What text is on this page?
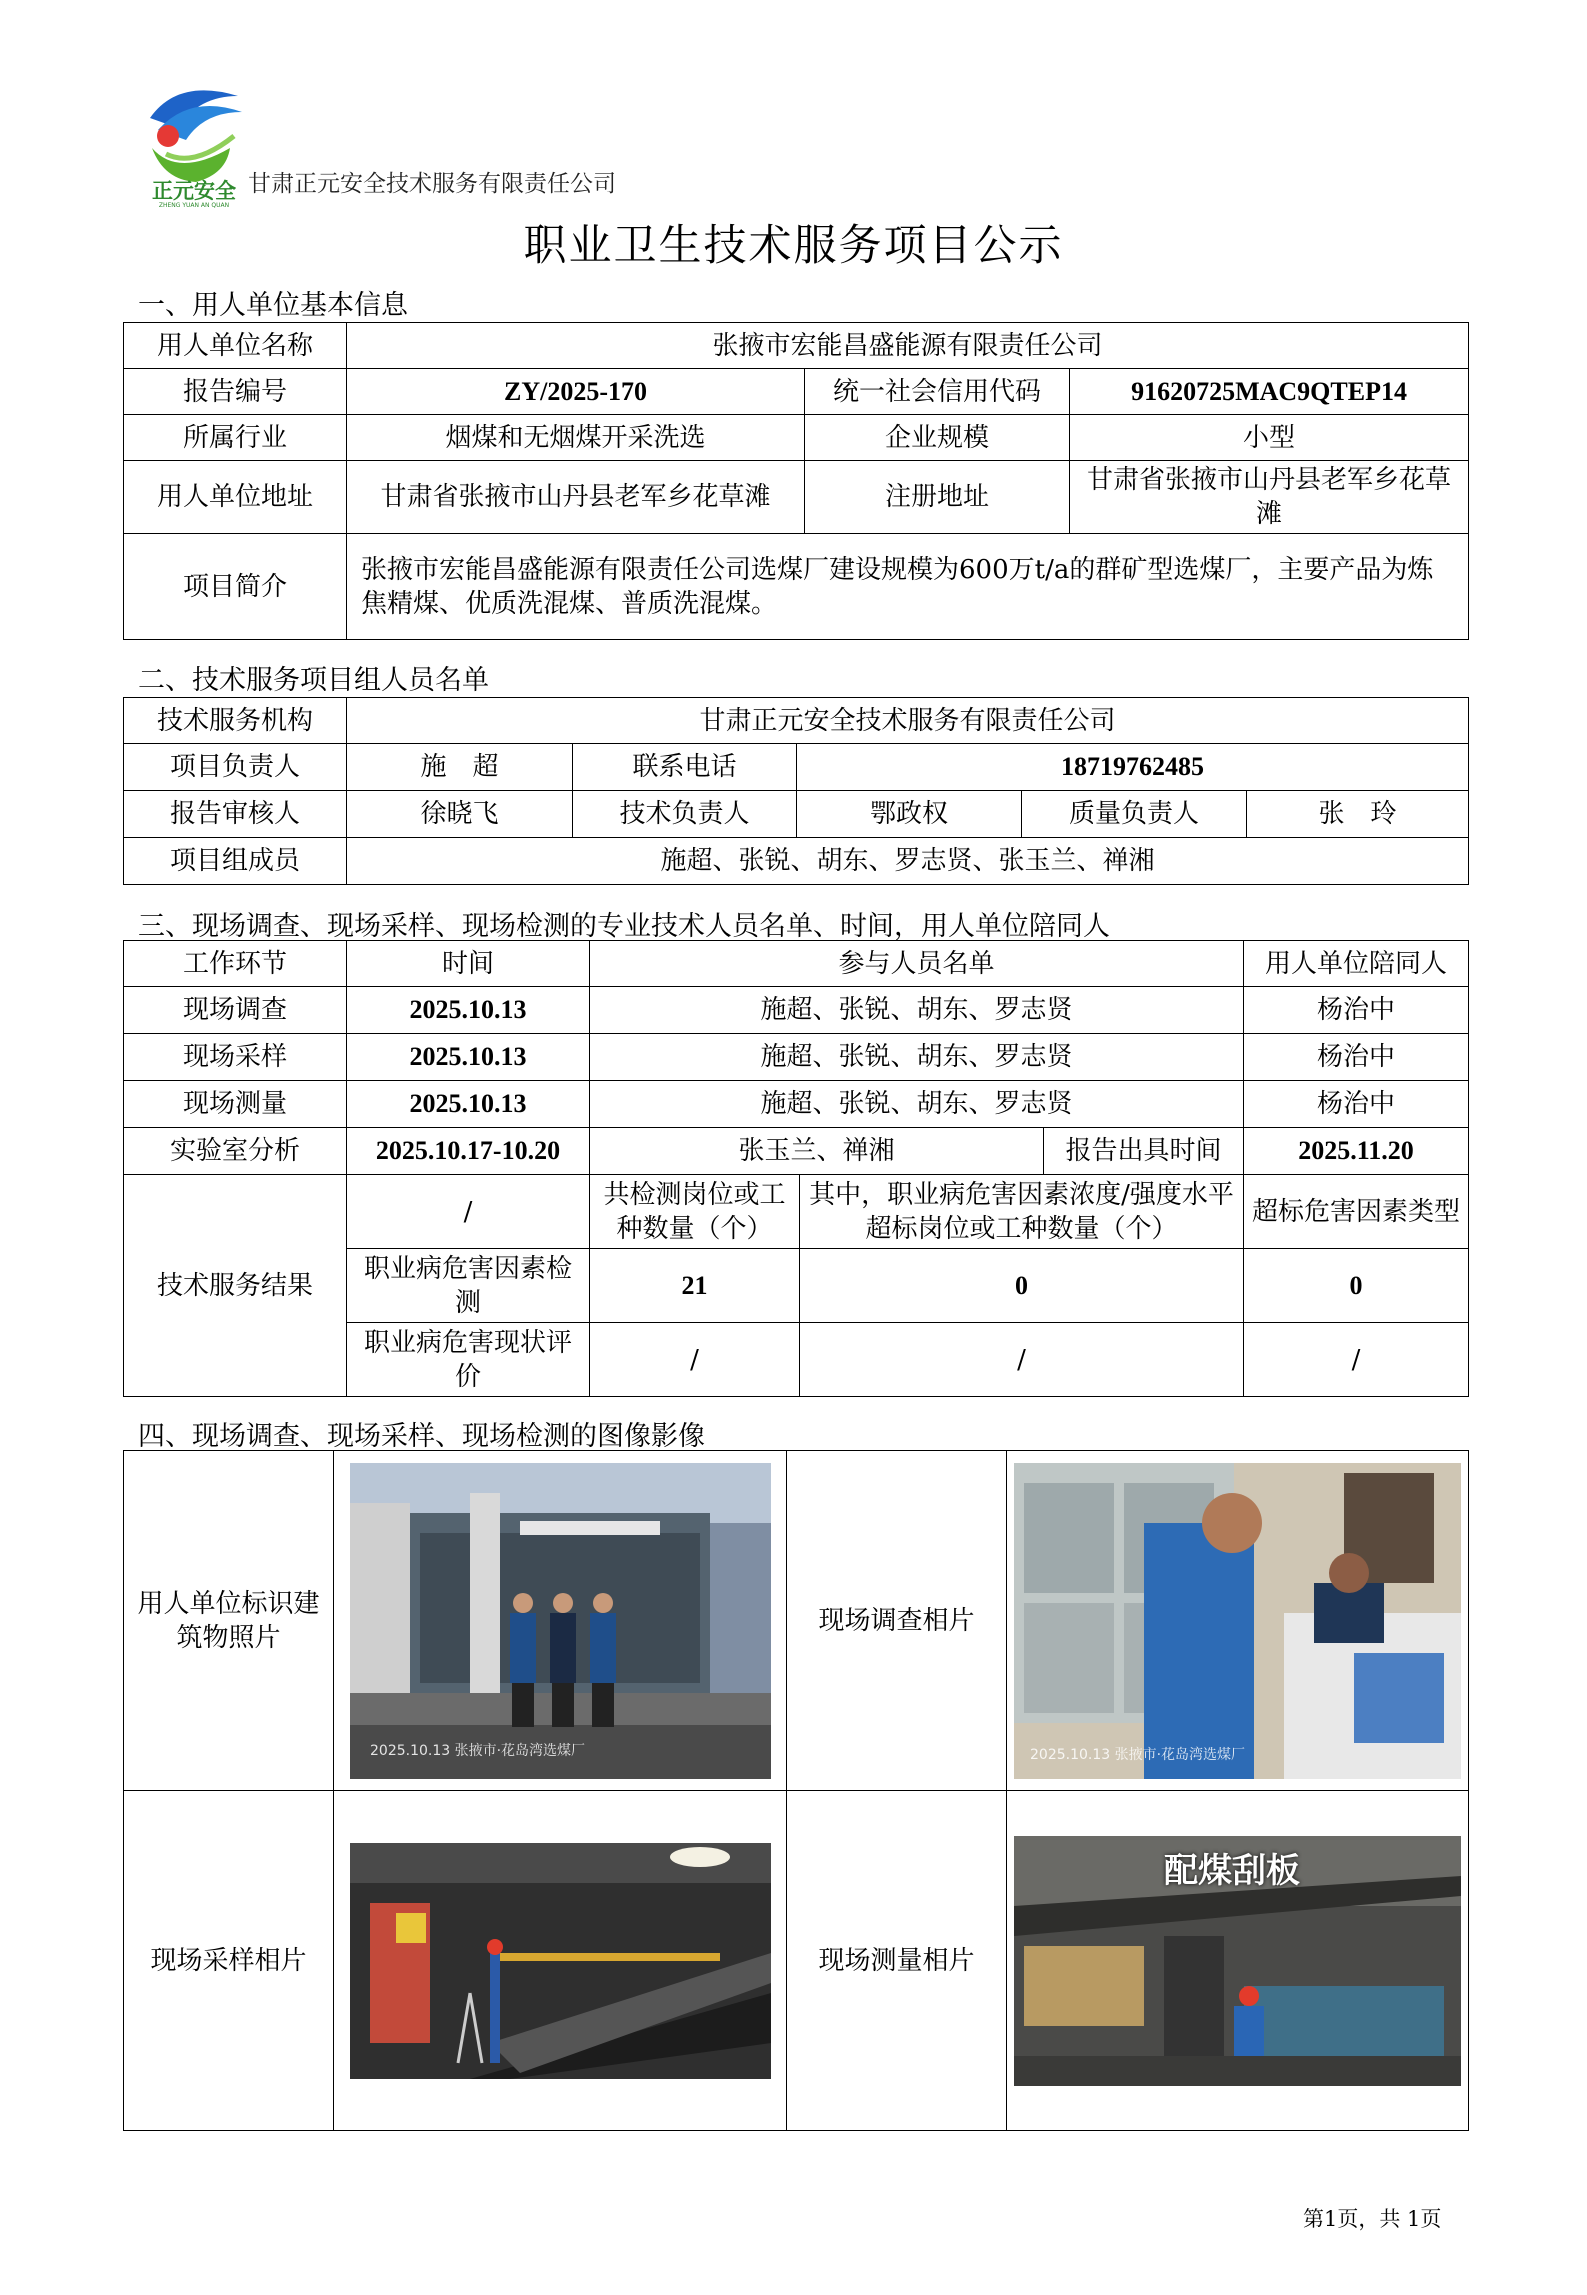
正元安全
ZHENG YUAN AN QUAN
甘肃正元安全技术服务有限责任公司
职业卫生技术服务项目公示
一、用人单位基本信息
用人单位名称	张掖市宏能昌盛能源有限责任公司		
报告编号	ZY/2025-170	统一社会信用代码	91620725MAC9QTEP14
所属行业	烟煤和无烟煤开采洗选	企业规模	小型
用人单位地址	甘肃省张掖市山丹县老军乡花草滩	注册地址	甘肃省张掖市山丹县老军乡花草滩
项目简介	张掖市宏能昌盛能源有限责任公司选煤厂建设规模为600万t/a的群矿型选煤厂，主要产品为炼焦精煤、优质洗混煤、普质洗混煤。		
二、技术服务项目组人员名单
技术服务机构	甘肃正元安全技术服务有限责任公司				
项目负责人	施　超	联系电话	18719762485		
报告审核人	徐晓飞	技术负责人	鄂政权	质量负责人	张　玲
项目组成员	施超、张锐、胡东、罗志贤、张玉兰、禅湘				
三、现场调查、现场采样、现场检测的专业技术人员名单、时间，用人单位陪同人
工作环节	时间	参与人员名单			用人单位陪同人
现场调查	2025.10.13	施超、张锐、胡东、罗志贤			杨治中
现场采样	2025.10.13	施超、张锐、胡东、罗志贤			杨治中
现场测量	2025.10.13	施超、张锐、胡东、罗志贤			杨治中
实验室分析	2025.10.17-10.20	张玉兰、禅湘		报告出具时间	2025.11.20
技术服务结果	/	共检测岗位或工种数量（个）	其中，职业病危害因素浓度/强度水平超标岗位或工种数量（个）		超标危害因素类型
	职业病危害因素检测	21	0		0
	职业病危害现状评价	/	/		/
四、现场调查、现场采样、现场检测的图像影像
用人单位标识建筑物照片	2025.10.13 张掖市·花岛湾选煤厂	现场调查相片	2025.10.13 张掖市·花岛湾选煤厂

现场采样相片		现场测量相片	配煤刮板
第1页，共 1页
